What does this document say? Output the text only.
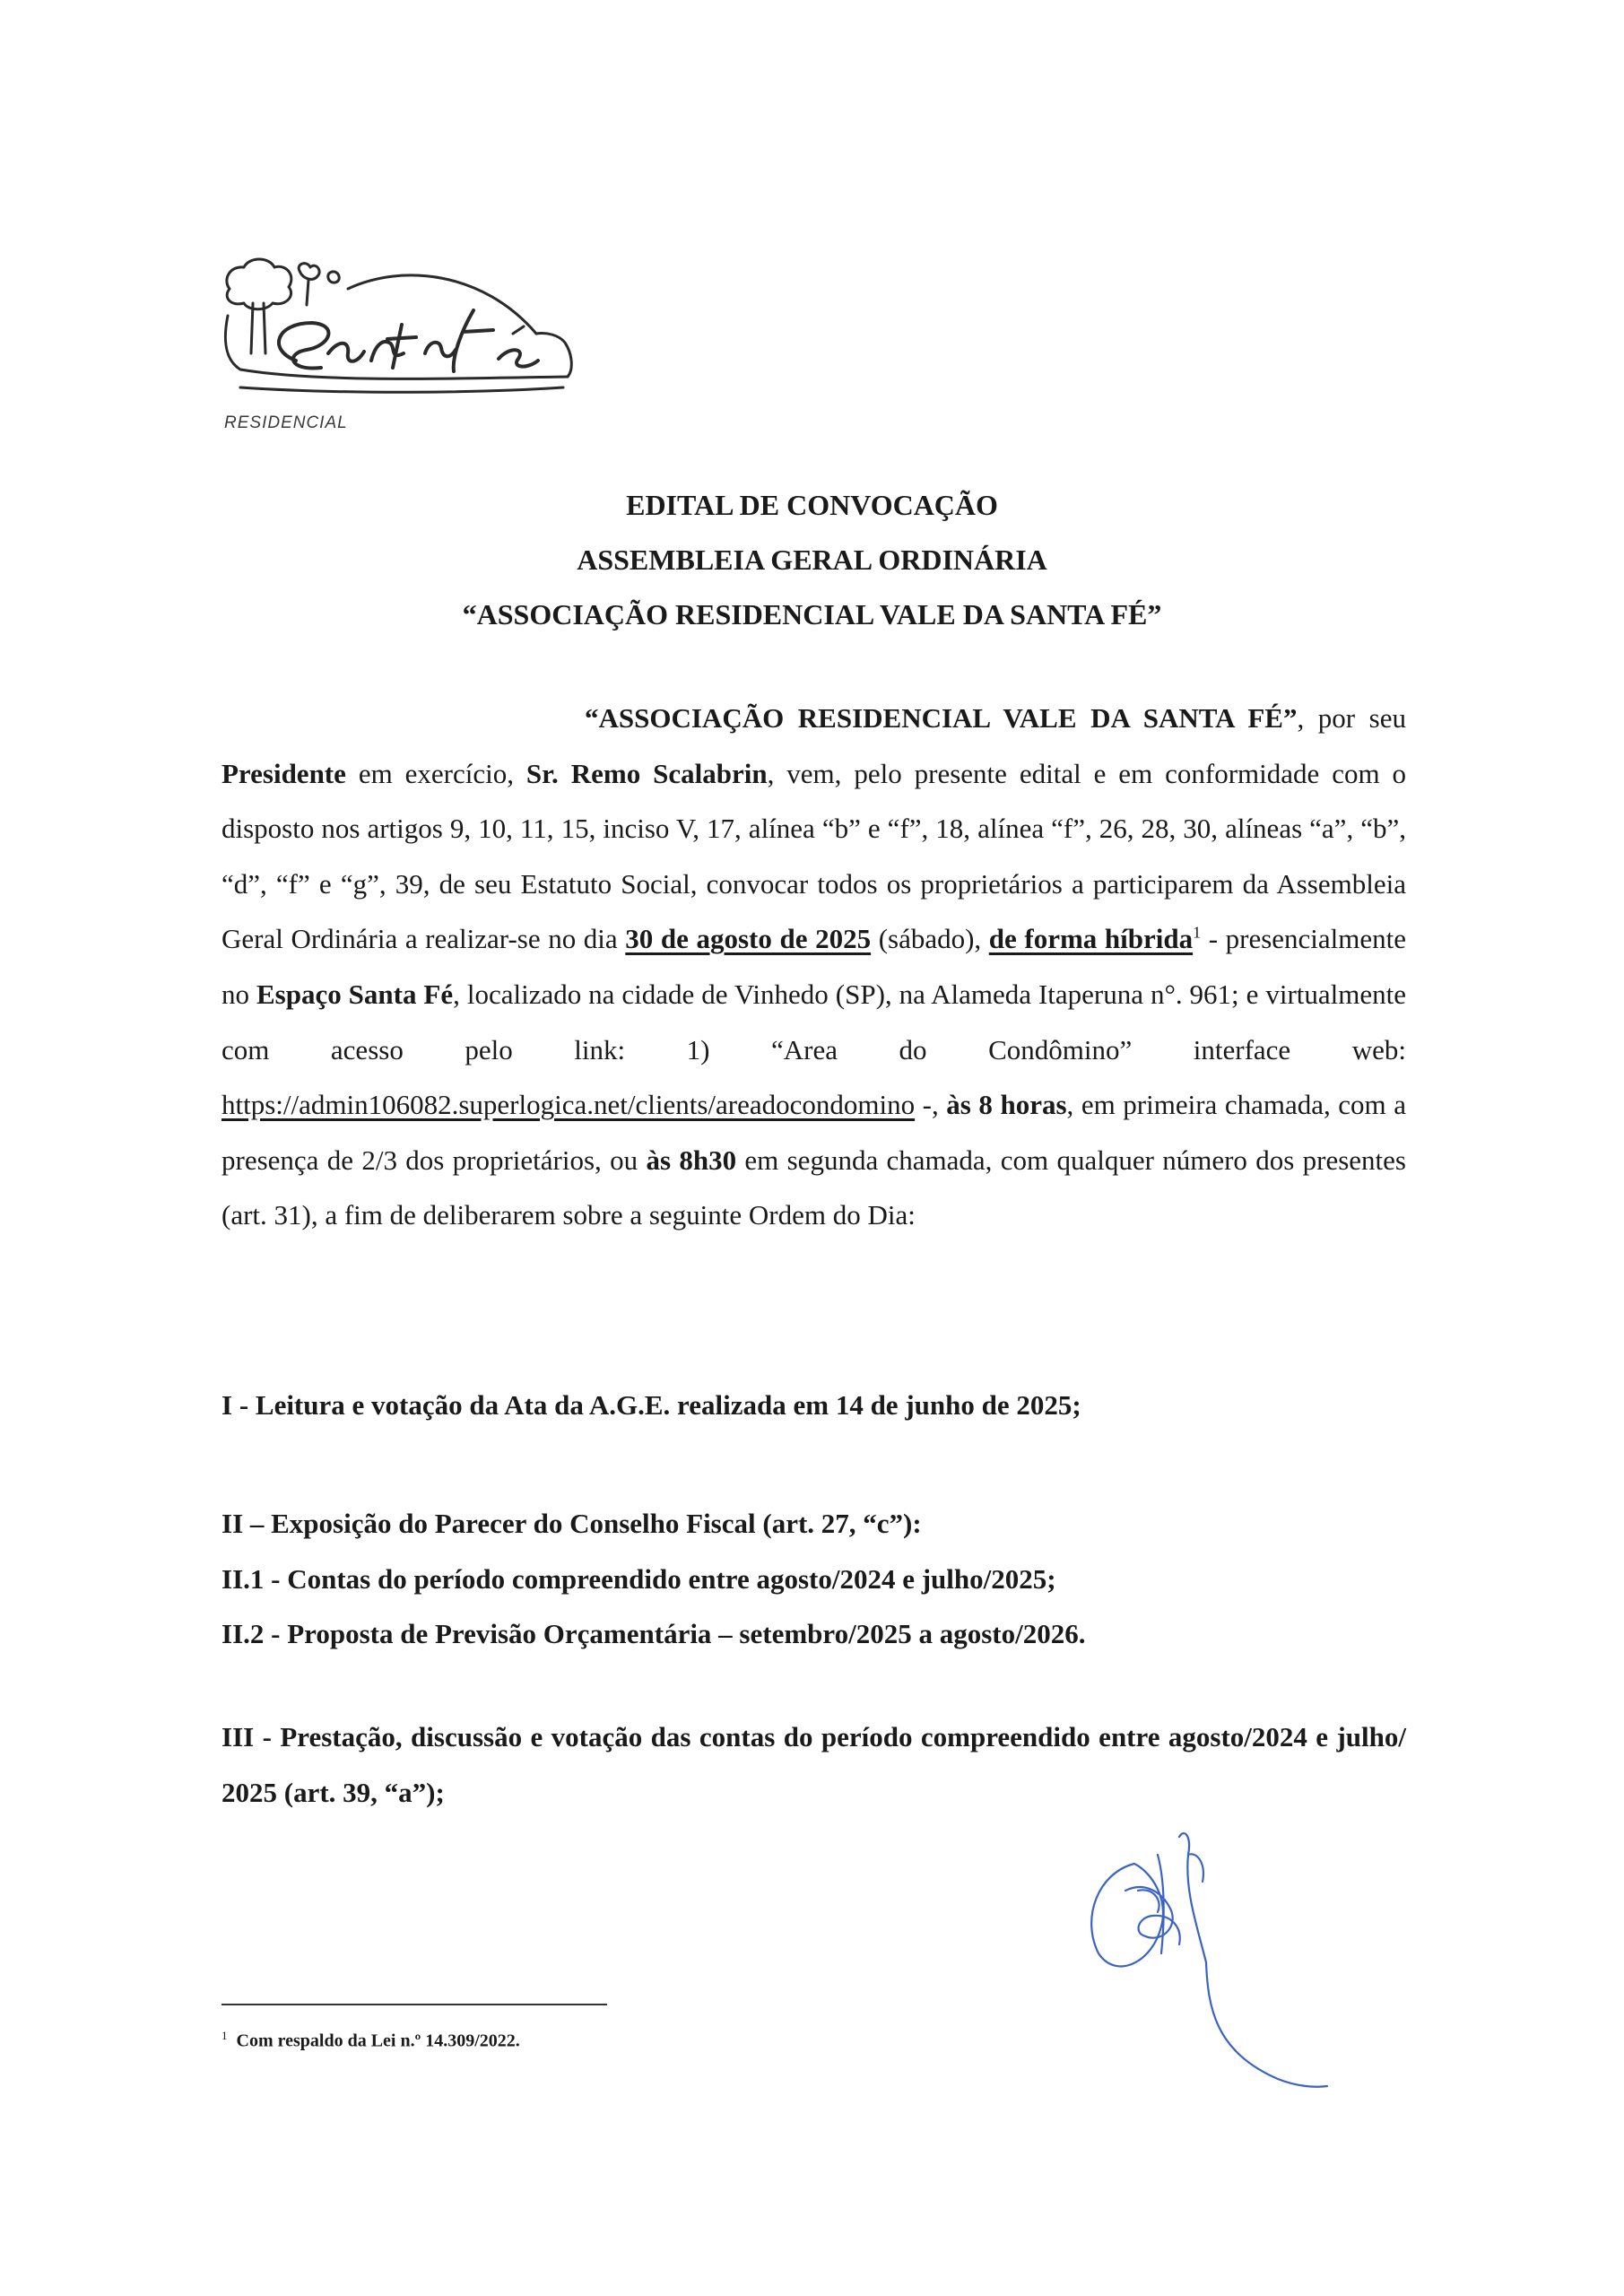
RESIDENCIAL
EDITAL DE CONVOCAÇÃO
ASSEMBLEIA GERAL ORDINÁRIA
“ASSOCIAÇÃO RESIDENCIAL VALE DA SANTA FÉ”

“ASSOCIAÇÃO RESIDENCIAL VALE DA SANTA FÉ”, por seu Presidente em exercício, Sr. Remo Scalabrin, vem, pelo presente edital e em conformidade com o disposto nos artigos 9, 10, 11, 15, inciso V, 17, alínea “b” e “f”, 18, alínea “f”, 26, 28, 30, alíneas “a”, “b”, “d”, “f” e “g”, 39, de seu Estatuto Social, convocar todos os proprietários a participarem da Assembleia Geral Ordinária a realizar-se no dia 30 de agosto de 2025 (sábado), de forma híbrida$^1$ - presencialmente no Espaço Santa Fé, localizado na cidade de Vinhedo (SP), na Alameda Itaperuna n°. 961; e virtualmente com acesso pelo link: 1) “Area do Condômino” interface web: https://admin106082.superlogica.net/clients/areadocondomino -, às 8 horas, em primeira chamada, com a presença de 2/3 dos proprietários, ou às 8h30 em segunda chamada, com qualquer número dos presentes (art. 31), a fim de deliberarem sobre a seguinte Ordem do Dia:

I - Leitura e votação da Ata da A.G.E. realizada em 14 de junho de 2025;

II – Exposição do Parecer do Conselho Fiscal (art. 27, “c”):

II.1 - Contas do período compreendido entre agosto/2024 e julho/2025;

II.2 - Proposta de Previsão Orçamentária – setembro/2025 a agosto/2026.

III - Prestação, discussão e votação das contas do período compreendido entre agosto/2024 e julho/ 2025 (art. 39, “a”);

$^1$ Com respaldo da Lei n.º 14.309/2022.
